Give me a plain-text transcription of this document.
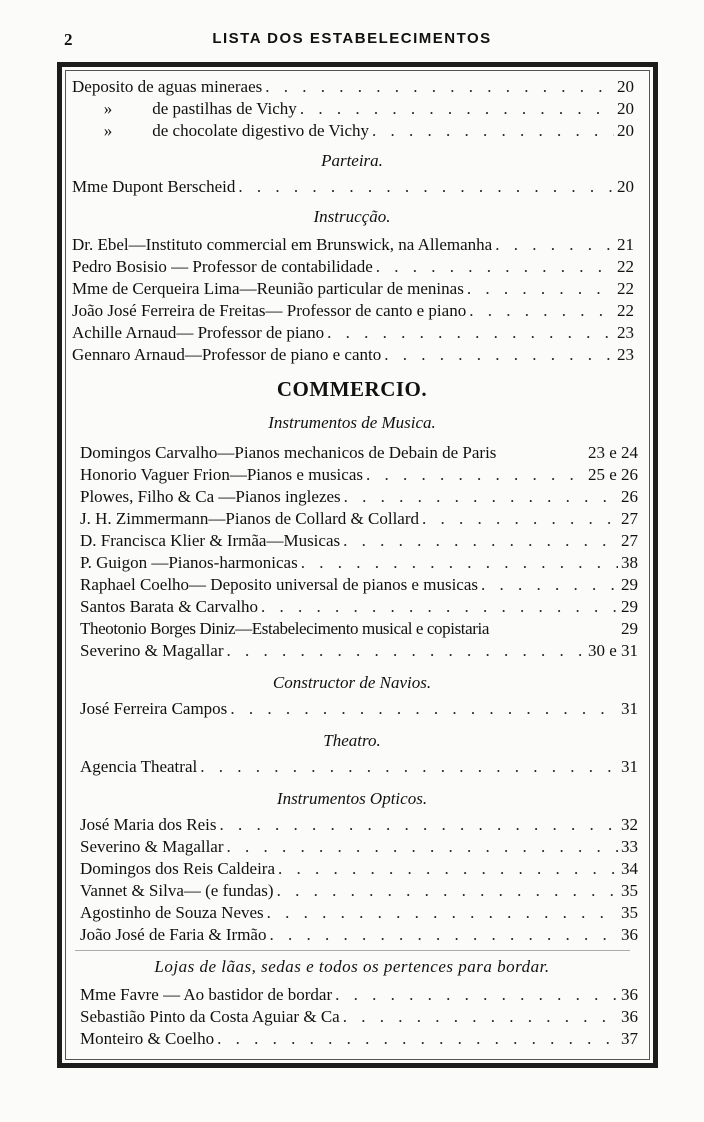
2	LISTA DOS ESTABELECIMENTOS
Deposito de aguas mineraes . . .	20
» de pastilhas de Vichy . . .	20
» de chocolate digestivo de Vichy . . .	20
Parteira.
Mme Dupont Berscheid . . .	20
Instrucção.
Dr. Ebel—Instituto commercial em Brunswick, na Allemanha . . .	21
Pedro Bosisio — Professor de contabilidade . . .	22
Mme de Cerqueira Lima—Reunião particular de meninas . . .	22
João José Ferreira de Freitas— Professor de canto e piano . . .	22
Achille Arnaud— Professor de piano . . .	23
Gennaro Arnaud—Professor de piano e canto . . .	23
COMMERCIO.
Instrumentos de Musica.
Domingos Carvalho—Pianos mechanicos de Debain de Paris	23 e 24
Honorio Vaguer Frion—Pianos e musicas . . .	25 e 26
Plowes, Filho & Ca —Pianos inglezes . . .	26
J. H. Zimmermann—Pianos de Collard & Collard . . .	27
D. Francisca Klier & Irmãa—Musicas . . .	27
P. Guigon —Pianos-harmonicas . . .	38
Raphael Coelho— Deposito universal de pianos e musicas . . .	29
Santos Barata & Carvalho . . .	29
Theotonio Borges Diniz—Estabelecimento musical e copistaria	29
Severino & Magallar . . .	30 e 31
Constructor de Navios.
José Ferreira Campos . . .	31
Theatro.
Agencia Theatral . . .	31
Instrumentos Opticos.
José Maria dos Reis . . .	32
Severino & Magallar . . .	33
Domingos dos Reis Caldeira . . .	34
Vannet & Silva— (e fundas) . . .	35
Agostinho de Souza Neves . . .	35
João José de Faria & Irmão . . .	36
Lojas de lãas, sedas e todos os pertences para bordar.
Mme Favre — Ao bastidor de bordar . . .	36
Sebastião Pinto da Costa Aguiar & Ca . . .	36
Monteiro & Coelho . . .	37
